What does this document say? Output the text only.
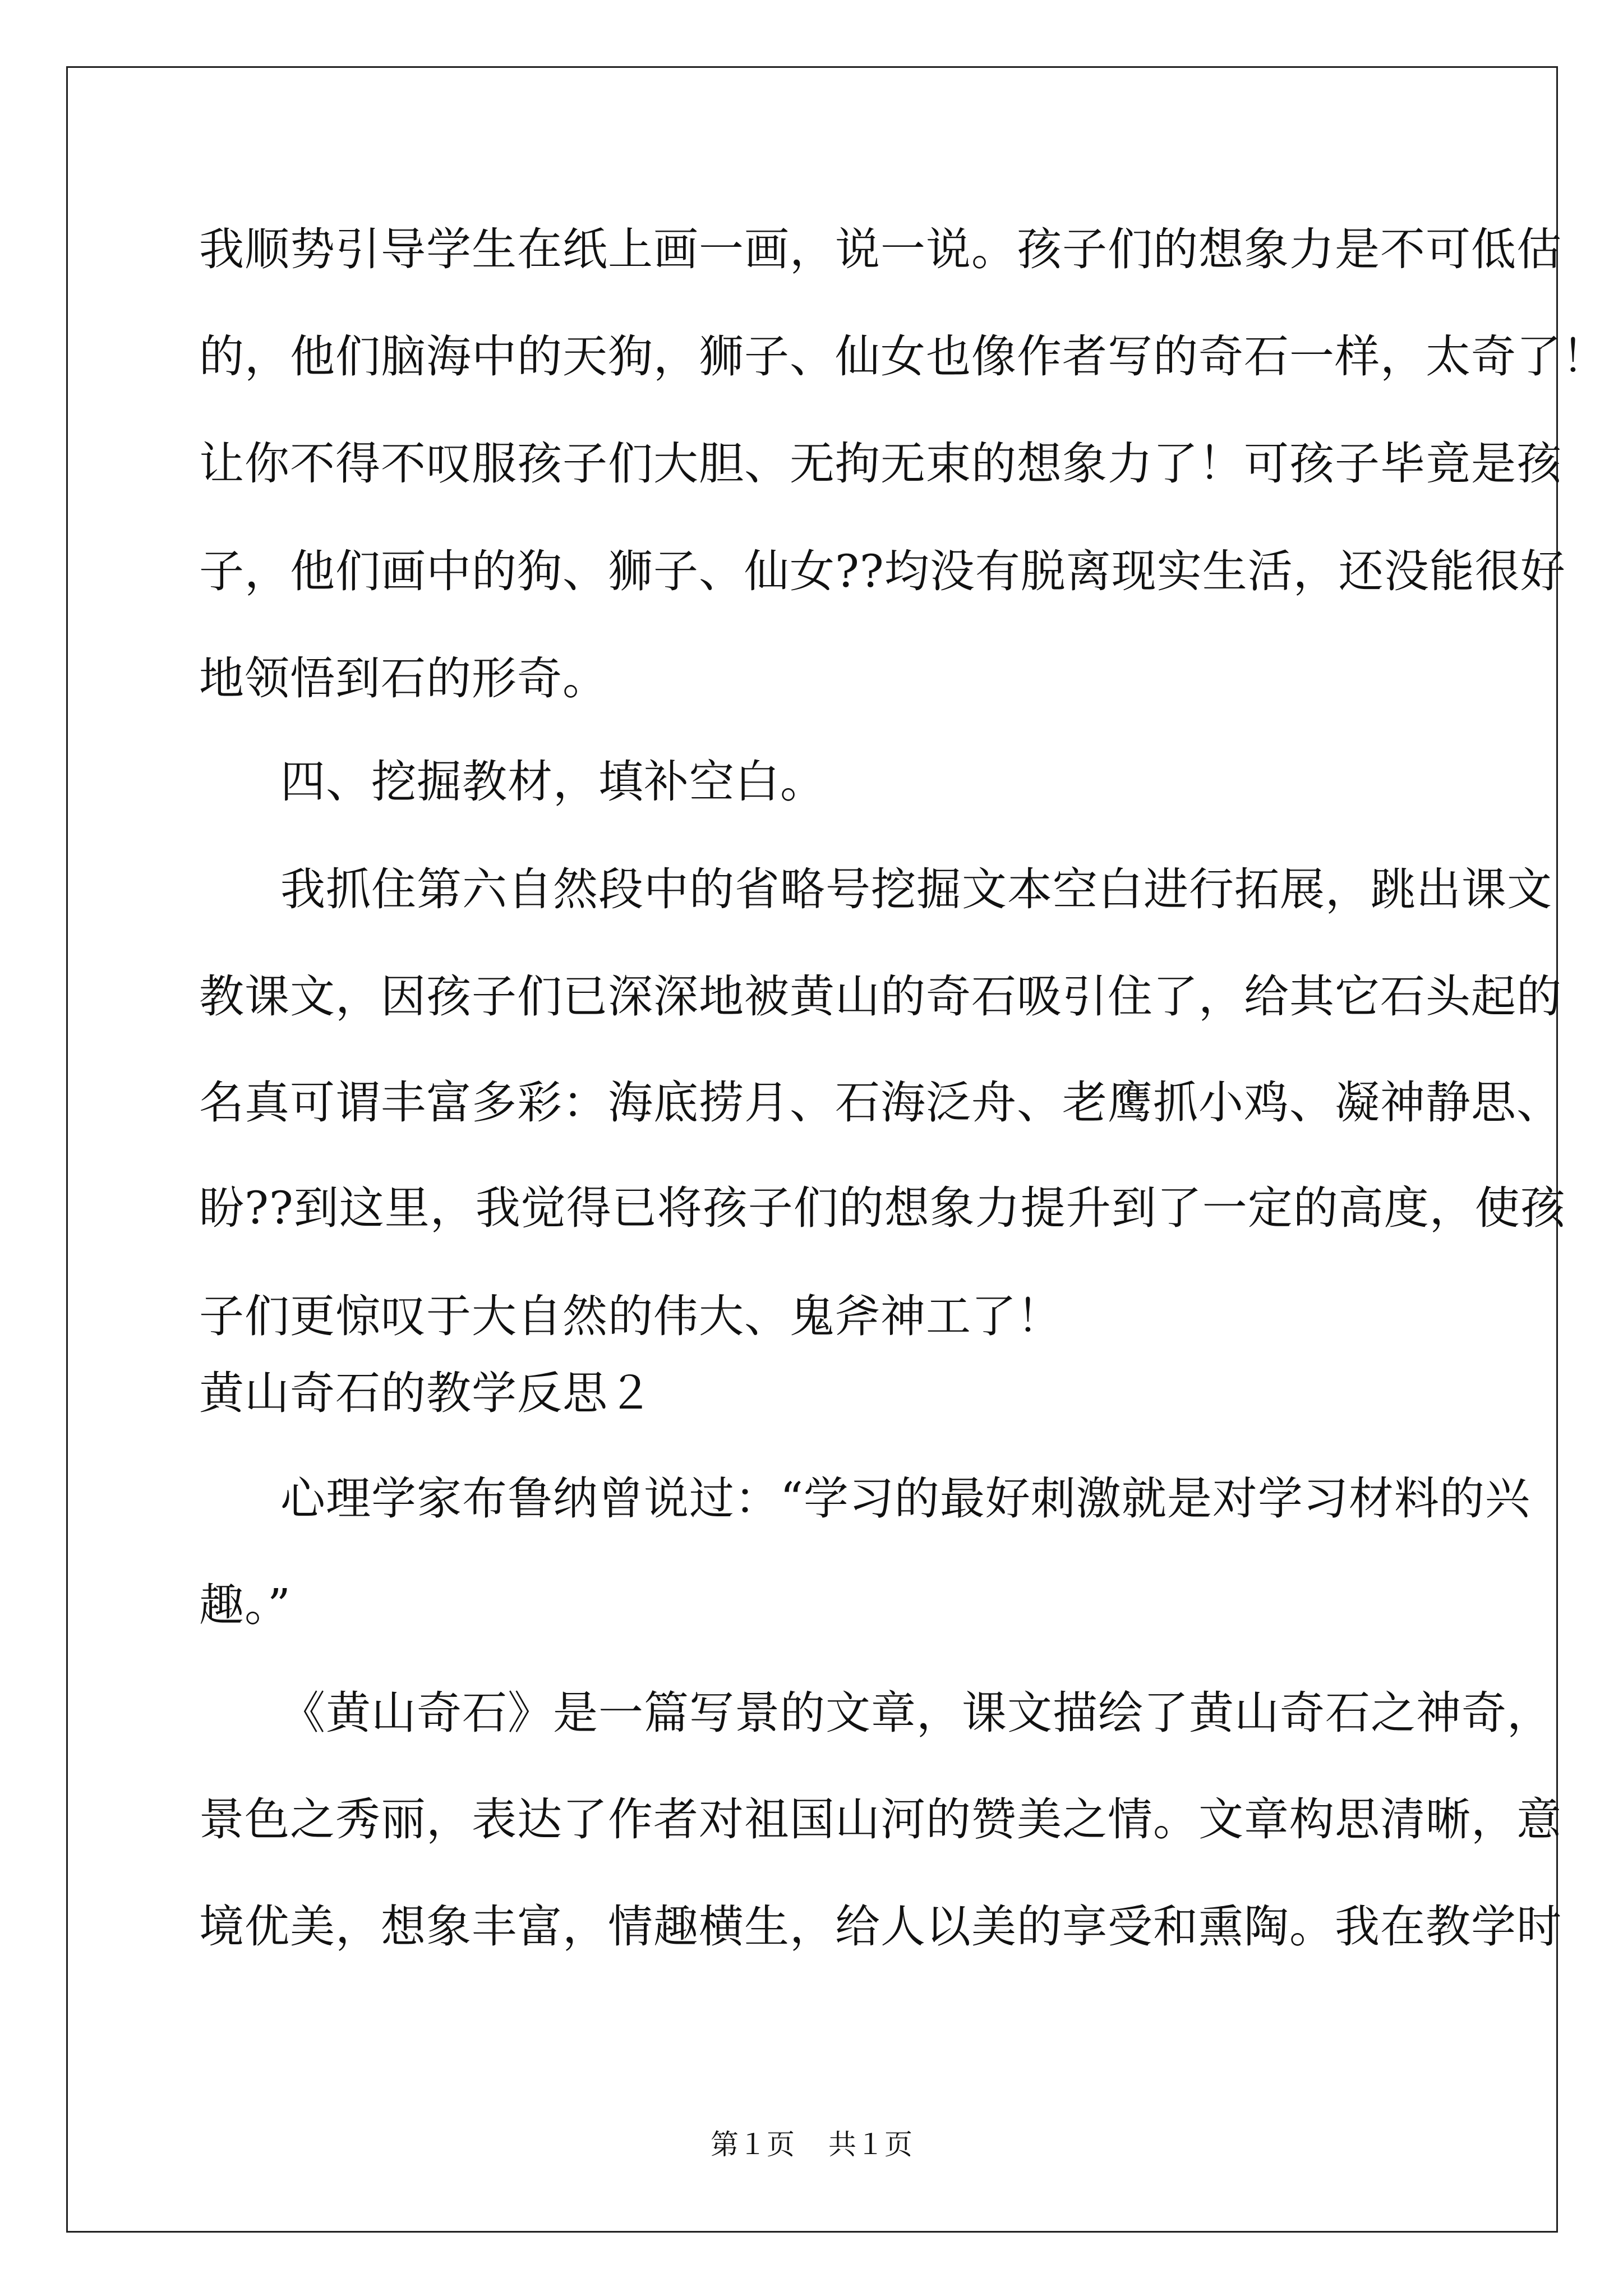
我顺势引导学生在纸上画一画，说一说。孩子们的想象力是不可低估
的，他们脑海中的天狗，狮子、仙女也像作者写的奇石一样，太奇了！
让你不得不叹服孩子们大胆、无拘无束的想象力了！可孩子毕竟是孩
子，他们画中的狗、狮子、仙女??均没有脱离现实生活，还没能很好
地领悟到石的形奇。
四、挖掘教材，填补空白。
我抓住第六自然段中的省略号挖掘文本空白进行拓展，跳出课文
教课文，因孩子们已深深地被黄山的奇石吸引住了，给其它石头起的
名真可谓丰富多彩：海底捞月、石海泛舟、老鹰抓小鸡、凝神静思、
盼??到这里，我觉得已将孩子们的想象力提升到了一定的高度，使孩
子们更惊叹于大自然的伟大、鬼斧神工了！
黄山奇石的教学反思２
心理学家布鲁纳曾说过：“学习的最好刺激就是对学习材料的兴
趣。”
《黄山奇石》是一篇写景的文章，课文描绘了黄山奇石之神奇，
景色之秀丽，表达了作者对祖国山河的赞美之情。文章构思清晰，意
境优美，想象丰富，情趣横生，给人以美的享受和熏陶。我在教学时
第１页 共１页
